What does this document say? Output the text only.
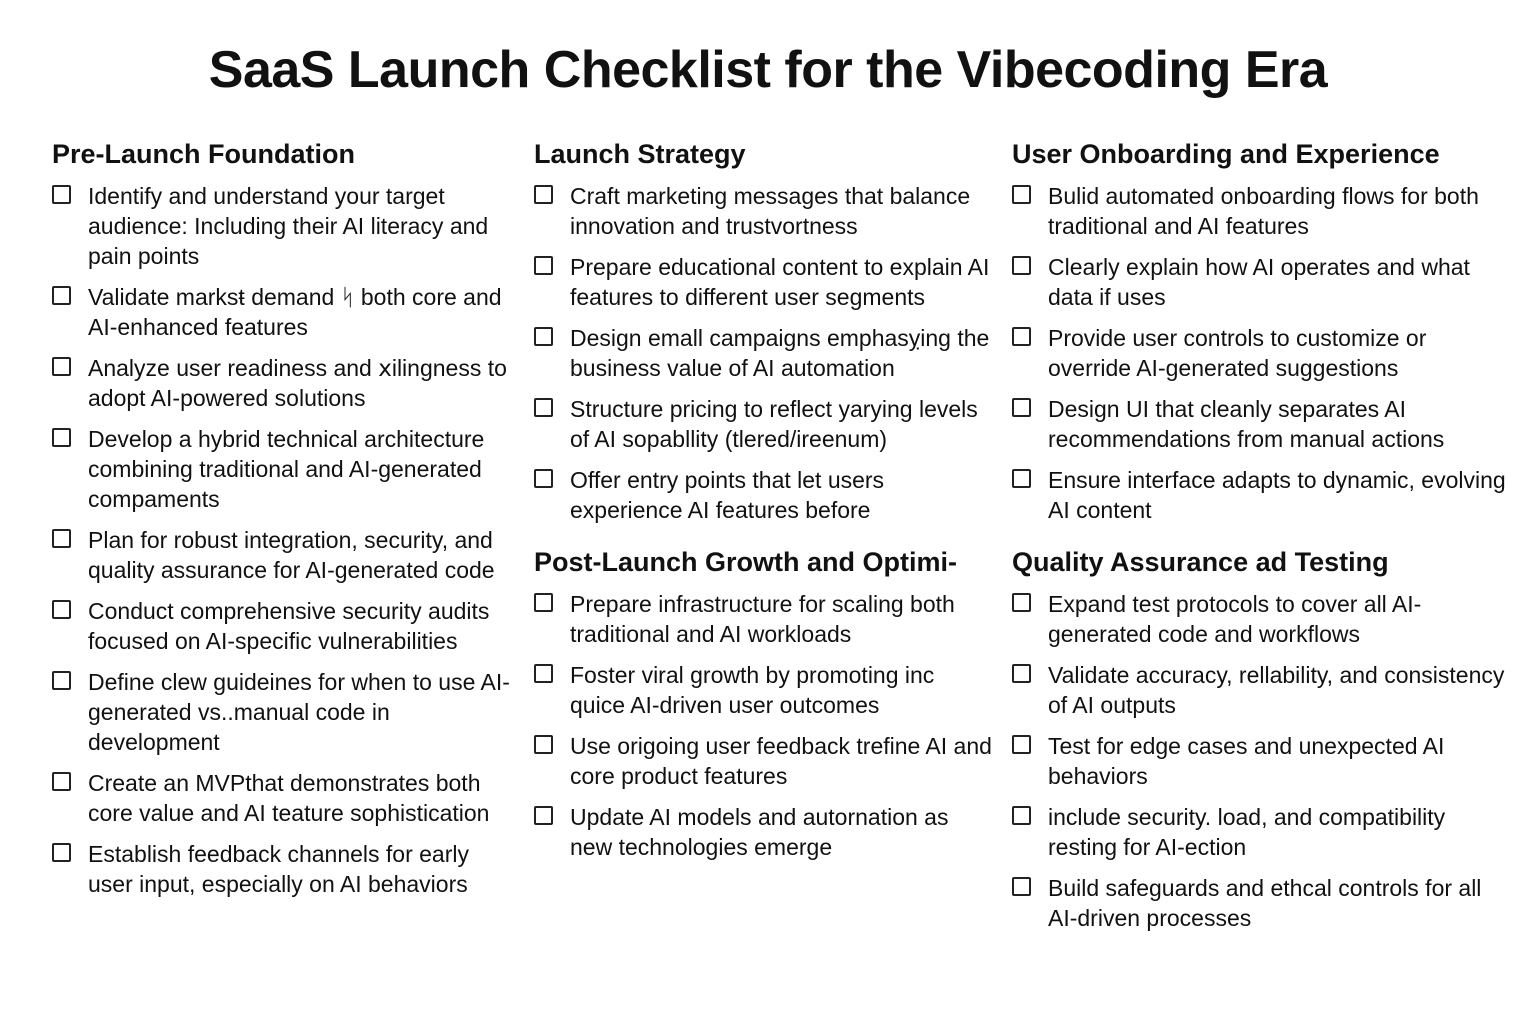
SaaS Launch Checklist for the Vibecoding Era
Pre-Launch Foundation
Identify and understand your target audience: Including their AI literacy and pain points
Validate marksŧ demand ᛋ both core and AI-enhanced features
Analyze user readiness and ⅹilingness to adopt AI-powered solutions
Develop a hybrid technical architecture combining traditional and AI-generated compaments
Plan for robust integration, security, and quality assurance for AI-generated code
Conduct comprehensive security audits focused on AI-specific vulnerabilities
Define clew guideines for when to use AI-generated vs..manual code in development
Create an MVPthat demonstrates both core value and AI teature sophistication
Establish feedback channels for early user input, especially on AI behaviors
Launch Strategy
Craft marketing messages that balance innovation and trustvortness
Prepare educational content to explain AI features to different user segments
Design emall campaigns emphasỵing the business value of AI automation
Structure pricing to reflect yarying levels of AI sopabllity (tlered/ireenum)
Offer entry points that let users experience AI features before
Post-Launch Growth and Optimi-
Prepare infrastructure for scaling both traditional and AI workloads
Foster viral growth by promoting inc quice AI-driven user outcomes
Use origoing user feedback trefine AI and core product features
Update AI models and autornation as new technologies emerge
User Onboarding and Experience
Bulid automated onboarding flows for both traditional and AI features
Clearly explain how AI operates and what data if uses
Provide user controls to customize or override AI-generated suggestions
Design UI that cleanly separates AI recommendations from manual actions
Ensure interface adapts to dynamic, evolving AI content
Quality Assurance ad Testing
Expand test protocols to cover all AI-generated code and workflows
Validate accuracy, rellability, and consistency of AI outputs
Test for edge cases and unexpected AI behaviors
include security. load, and compatibility resting for AI-ection
Build safeguards and ethcal controls for all AI-driven processes
